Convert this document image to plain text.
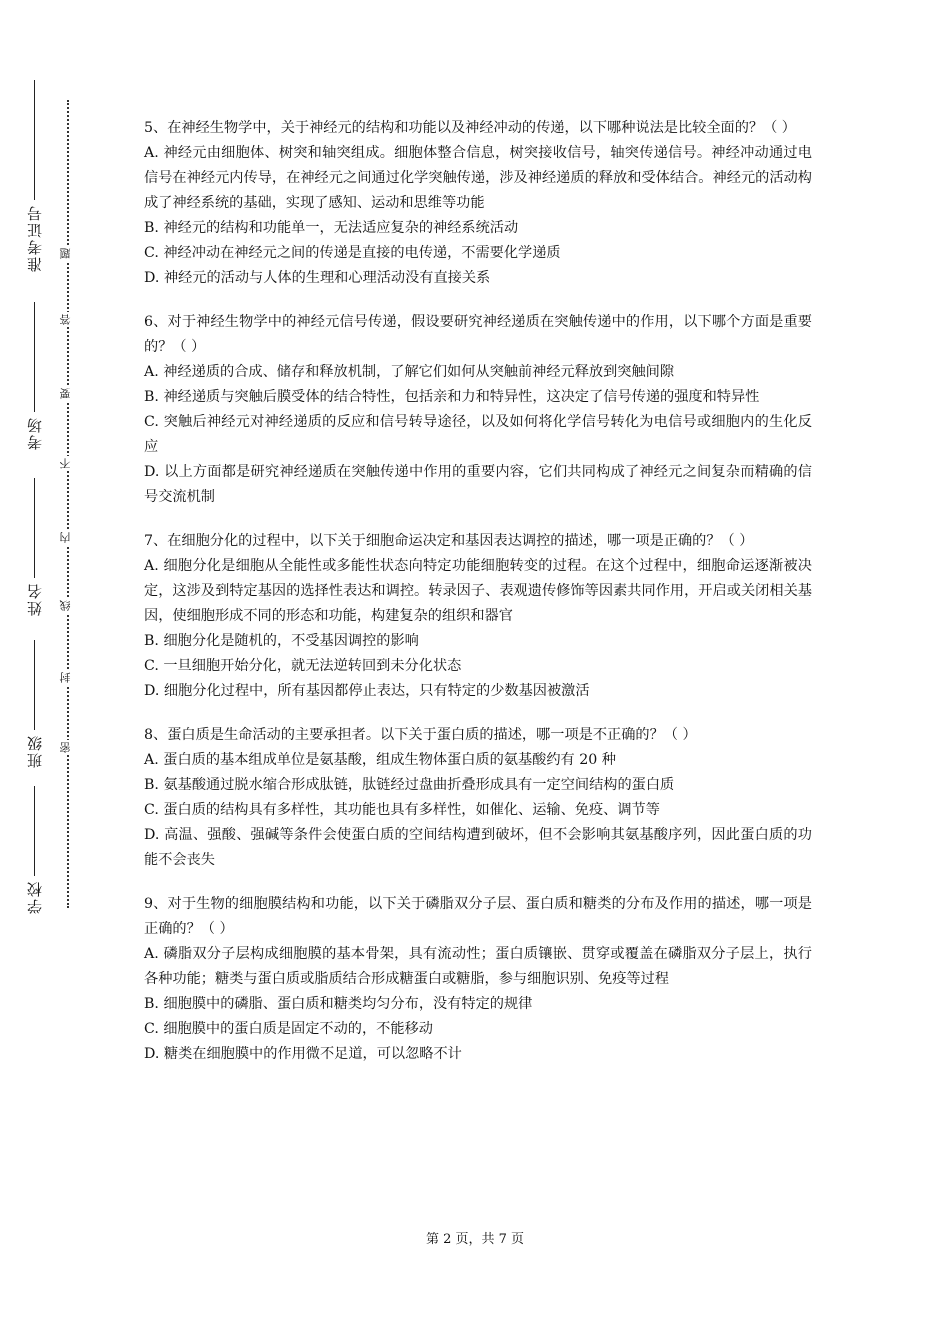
准考证号
考场
姓名
班级
学校
题
答
要
不
内
线
封
密

5、在神经生物学中，关于神经元的结构和功能以及神经冲动的传递，以下哪种说法是比较全面的？（ ）

A. 神经元由细胞体、树突和轴突组成。细胞体整合信息，树突接收信号，轴突传递信号。神经冲动通过电信号在神经元内传导，在神经元之间通过化学突触传递，涉及神经递质的释放和受体结合。神经元的活动构成了神经系统的基础，实现了感知、运动和思维等功能

B. 神经元的结构和功能单一，无法适应复杂的神经系统活动

C. 神经冲动在神经元之间的传递是直接的电传递，不需要化学递质

D. 神经元的活动与人体的生理和心理活动没有直接关系

6、对于神经生物学中的神经元信号传递，假设要研究神经递质在突触传递中的作用，以下哪个方面是重要的？（ ）

A. 神经递质的合成、储存和释放机制，了解它们如何从突触前神经元释放到突触间隙

B. 神经递质与突触后膜受体的结合特性，包括亲和力和特异性，这决定了信号传递的强度和特异性

C. 突触后神经元对神经递质的反应和信号转导途径，以及如何将化学信号转化为电信号或细胞内的生化反应

D. 以上方面都是研究神经递质在突触传递中作用的重要内容，它们共同构成了神经元之间复杂而精确的信号交流机制

7、在细胞分化的过程中，以下关于细胞命运决定和基因表达调控的描述，哪一项是正确的？（ ）

A. 细胞分化是细胞从全能性或多能性状态向特定功能细胞转变的过程。在这个过程中，细胞命运逐渐被决定，这涉及到特定基因的选择性表达和调控。转录因子、表观遗传修饰等因素共同作用，开启或关闭相关基因，使细胞形成不同的形态和功能，构建复杂的组织和器官

B. 细胞分化是随机的，不受基因调控的影响

C. 一旦细胞开始分化，就无法逆转回到未分化状态

D. 细胞分化过程中，所有基因都停止表达，只有特定的少数基因被激活

8、蛋白质是生命活动的主要承担者。以下关于蛋白质的描述，哪一项是不正确的？（ ）

A. 蛋白质的基本组成单位是氨基酸，组成生物体蛋白质的氨基酸约有 20 种

B. 氨基酸通过脱水缩合形成肽链，肽链经过盘曲折叠形成具有一定空间结构的蛋白质

C. 蛋白质的结构具有多样性，其功能也具有多样性，如催化、运输、免疫、调节等

D. 高温、强酸、强碱等条件会使蛋白质的空间结构遭到破坏，但不会影响其氨基酸序列，因此蛋白质的功能不会丧失

9、对于生物的细胞膜结构和功能，以下关于磷脂双分子层、蛋白质和糖类的分布及作用的描述，哪一项是正确的？（ ）

A. 磷脂双分子层构成细胞膜的基本骨架，具有流动性；蛋白质镶嵌、贯穿或覆盖在磷脂双分子层上，执行各种功能；糖类与蛋白质或脂质结合形成糖蛋白或糖脂，参与细胞识别、免疫等过程

B. 细胞膜中的磷脂、蛋白质和糖类均匀分布，没有特定的规律

C. 细胞膜中的蛋白质是固定不动的，不能移动

D. 糖类在细胞膜中的作用微不足道，可以忽略不计

第 2 页，共 7 页
